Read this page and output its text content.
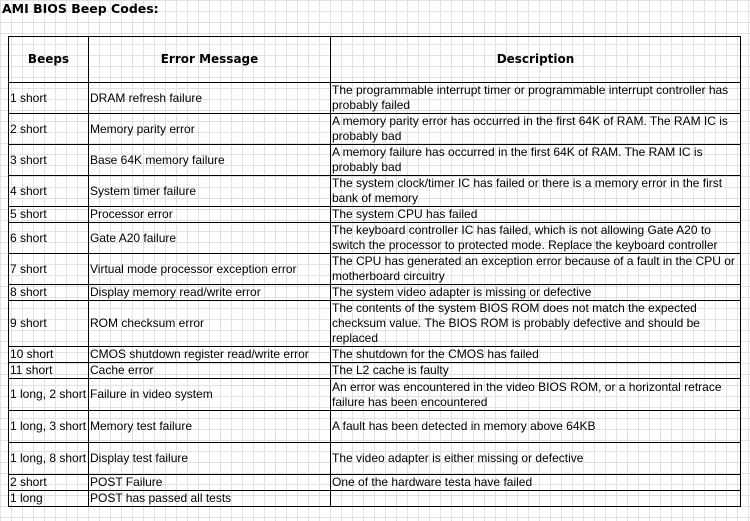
AMI BIOS Beep Codes:
Beeps	Error Message	Description
1 short	DRAM refresh failure	The programmable interrupt timer or programmable interrupt controller has probably failed
2 short	Memory parity error	A memory parity error has occurred in the first 64K of RAM. The RAM IC is probably bad
3 short	Base 64K memory failure	A memory failure has occurred in the first 64K of RAM. The RAM IC is probably bad
4 short	System timer failure	The system clock/timer IC has failed or there is a memory error in the first bank of memory
5 short	Processor error	The system CPU has failed
6 short	Gate A20 failure	The keyboard controller IC has failed, which is not allowing Gate A20 to switch the processor to protected mode. Replace the keyboard controller
7 short	Virtual mode processor exception error	The CPU has generated an exception error because of a fault in the CPU or motherboard circuitry
8 short	Display memory read/write error	The system video adapter is missing or defective
9 short	ROM checksum error	The contents of the system BIOS ROM does not match the expected checksum value. The BIOS ROM is probably defective and should be replaced
10 short	CMOS shutdown register read/write error	The shutdown for the CMOS has failed
11 short	Cache error	The L2 cache is faulty
1 long, 2 short	Failure in video system	An error was encountered in the video BIOS ROM, or a horizontal retrace failure has been encountered
1 long, 3 short	Memory test failure	A fault has been detected in memory above 64KB
1 long, 8 short	Display test failure	The video adapter is either missing or defective
2 short	POST Failure	One of the hardware testa have failed
1 long	POST has passed all tests	
